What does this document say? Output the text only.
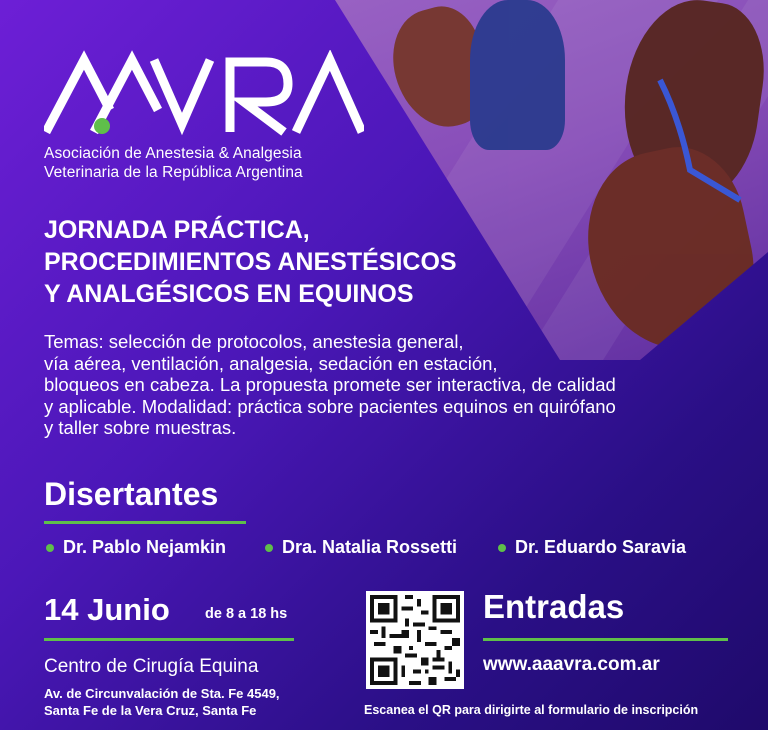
Asociación de Anestesia & Analgesia
Veterinaria de la República Argentina
JORNADA PRÁCTICA,
PROCEDIMIENTOS ANESTÉSICOS
Y ANALGÉSICOS EN EQUINOS
Temas: selección de protocolos, anestesia general,
vía aérea, ventilación, analgesia, sedación en estación,
bloqueos en cabeza. La propuesta promete ser interactiva, de calidad
y aplicable. Modalidad: práctica sobre pacientes equinos en quirófano
y taller sobre muestras.
Disertantes
Dr. Pablo Nejamkin	Dra. Natalia Rossetti	Dr. Eduardo Saravia
14 Junio de 8 a 18 hs
Centro de Cirugía Equina
Av. de Circunvalación de Sta. Fe 4549,
Santa Fe de la Vera Cruz, Santa Fe
Entradas
www.aaavra.com.ar
Escanea el QR para dirigirte al formulario de inscripción
